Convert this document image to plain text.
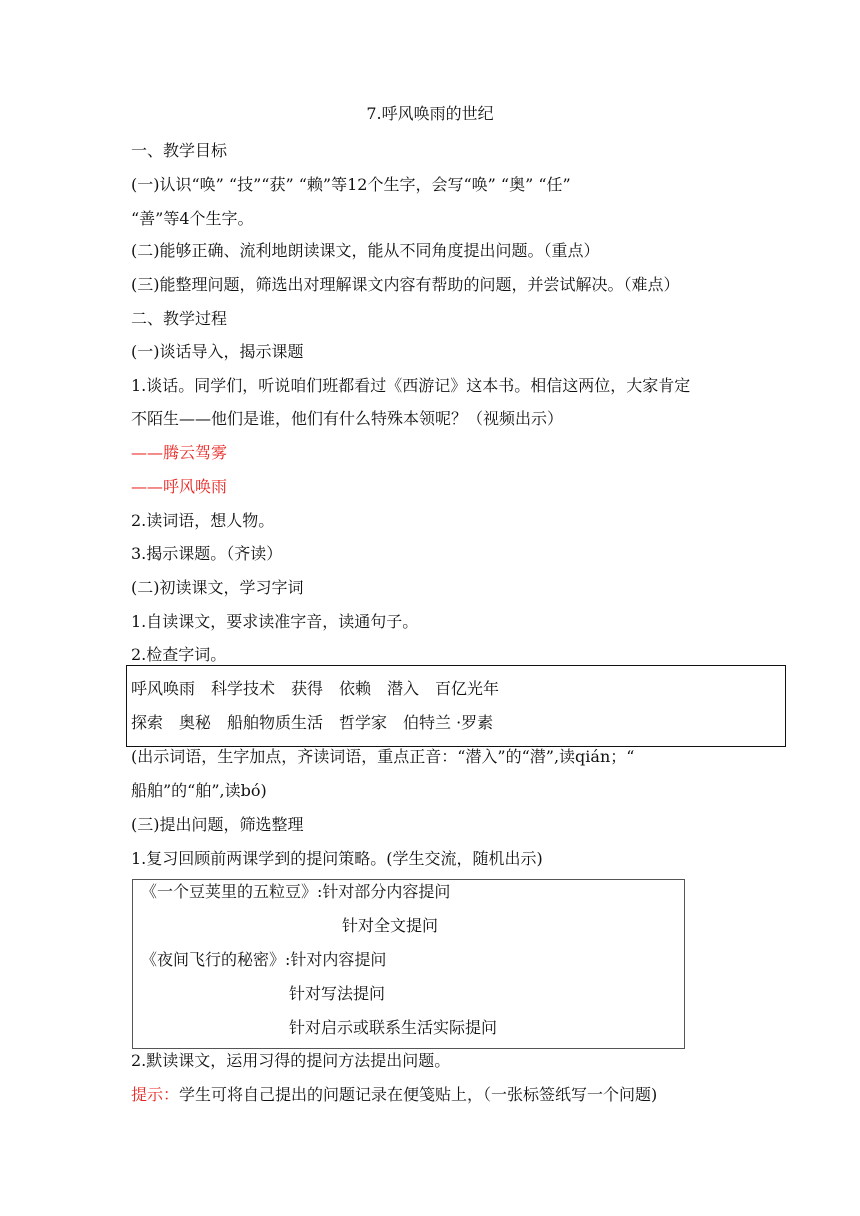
7.呼风唤雨的世纪
一、教学目标
(一)认识“唤” “技”“获” “赖”等12个生字，会写“唤” “奥” “任”
“善”等4个生字。
(二)能够正确、流利地朗读课文，能从不同角度提出问题。（重点）
(三)能整理问题，筛选出对理解课文内容有帮助的问题，并尝试解决。（难点）
二、教学过程
(一)谈话导入，揭示课题
1.谈话。同学们，听说咱们班都看过《西游记》这本书。相信这两位，大家肯定
不陌生——他们是谁，他们有什么特殊本领呢？（视频出示）
——腾云驾雾
——呼风唤雨
2.读词语，想人物。
3.揭示课题。（齐读）
(二)初读课文，学习字词
1.自读课文，要求读准字音，读通句子。
2.检查字词。
呼风唤雨　科学技术　获得　依赖　潜入　百亿光年
探索　奥秘　船舶物质生活　哲学家　伯特兰 ·罗素
(出示词语，生字加点，齐读词语，重点正音：“潜入”的“潜”,读qián；“
船舶”的“舶”,读bó)
(三)提出问题，筛选整理
1.复习回顾前两课学到的提问策略。(学生交流，随机出示)
《一个豆荚里的五粒豆》:针对部分内容提问
针对全文提问
《夜间飞行的秘密》:针对内容提问
针对写法提问
针对启示或联系生活实际提问
2.默读课文，运用习得的提问方法提出问题。
提示：学生可将自己提出的问题记录在便笺贴上，（一张标签纸写一个问题)
